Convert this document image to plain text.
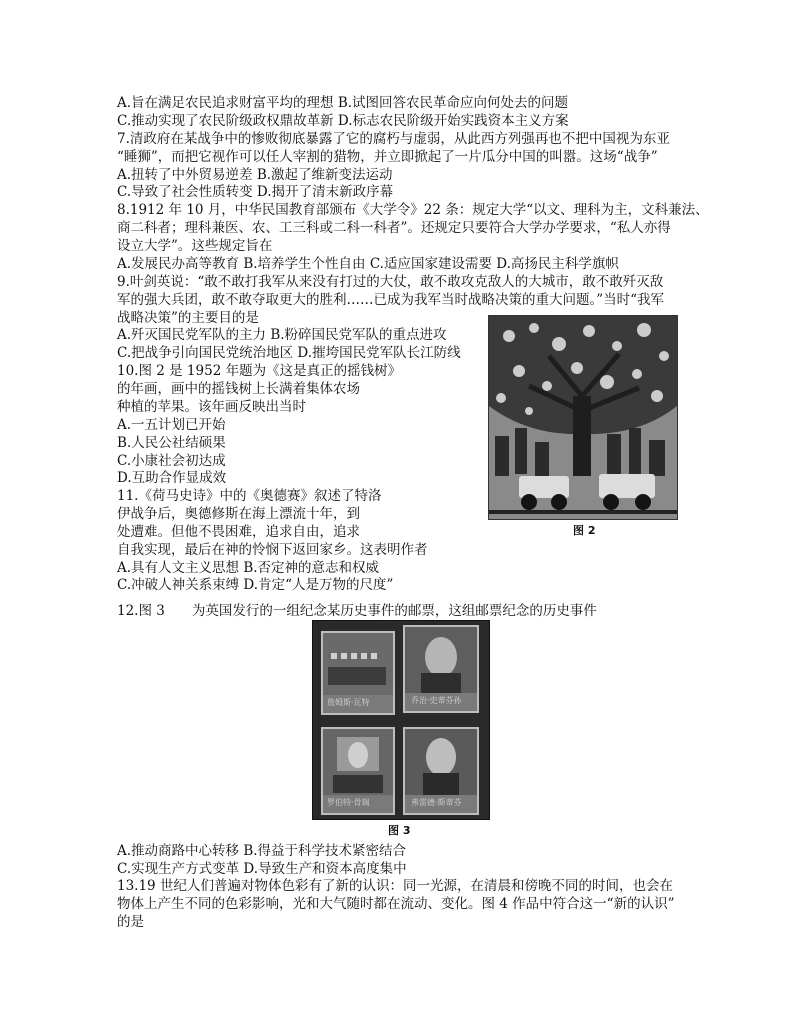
A.旨在满足农民追求财富平均的理想 B.试图回答农民革命应向何处去的问题
C.推动实现了农民阶级政权鼎故革新 D.标志农民阶级开始实践资本主义方案
7.清政府在某战争中的惨败彻底暴露了它的腐朽与虚弱，从此西方列强再也不把中国视为东亚
“睡狮”，而把它视作可以任人宰割的猎物，并立即掀起了一片瓜分中国的叫嚣。这场“战争”
A.扭转了中外贸易逆差 B.激起了维新变法运动
C.导致了社会性质转变 D.揭开了清末新政序幕
8.1912 年 10 月，中华民国教育部颁布《大学令》22 条：规定大学“以文、理科为主，文科兼法、
商二科者；理科兼医、农、工三科或二科一科者”。还规定只要符合大学办学要求，“私人亦得
设立大学”。这些规定旨在
A.发展民办高等教育 B.培养学生个性自由 C.适应国家建设需要 D.高扬民主科学旗帜
9.叶剑英说：“敢不敢打我军从来没有打过的大仗，敢不敢攻克敌人的大城市，敢不敢歼灭敌
军的强大兵团，敢不敢夺取更大的胜利……已成为我军当时战略决策的重大问题。”当时“我军
战略决策”的主要目的是
A.歼灭国民党军队的主力 B.粉碎国民党军队的重点进攻
C.把战争引向国民党统治地区 D.摧垮国民党军队长江防线
10.图 2 是 1952 年题为《这是真正的摇钱树》
的年画，画中的摇钱树上长满着集体农场
种植的苹果。该年画反映出当时
A.一五计划已开始
B.人民公社结硕果
C.小康社会初达成
D.互助合作显成效
11.《荷马史诗》中的《奥德赛》叙述了特洛
伊战争后，奥德修斯在海上漂流十年，到
处遭难。但他不畏困难，追求自由，追求
自我实现，最后在神的怜悯下返回家乡。这表明作者
A.具有人文主义思想 B.否定神的意志和权威
C.冲破人神关系束缚 D.肯定“人是万物的尺度”
12.图 3　　为英国发行的一组纪念某历史事件的邮票，这组邮票纪念的历史事件
A.推动商路中心转移 B.得益于科学技术紧密结合
C.实现生产方式变革 D.导致生产和资本高度集中
13.19 世纪人们普遍对物体色彩有了新的认识：同一光源，在清晨和傍晚不同的时间，也会在
物体上产生不同的色彩影响，光和大气随时都在流动、变化。图 4 作品中符合这一“新的认识”
的是
图 2
詹姆斯·瓦特	乔治·史蒂芬孙
罗伯特·骨瑞	弗雷德·斯蒂芬
图 3
